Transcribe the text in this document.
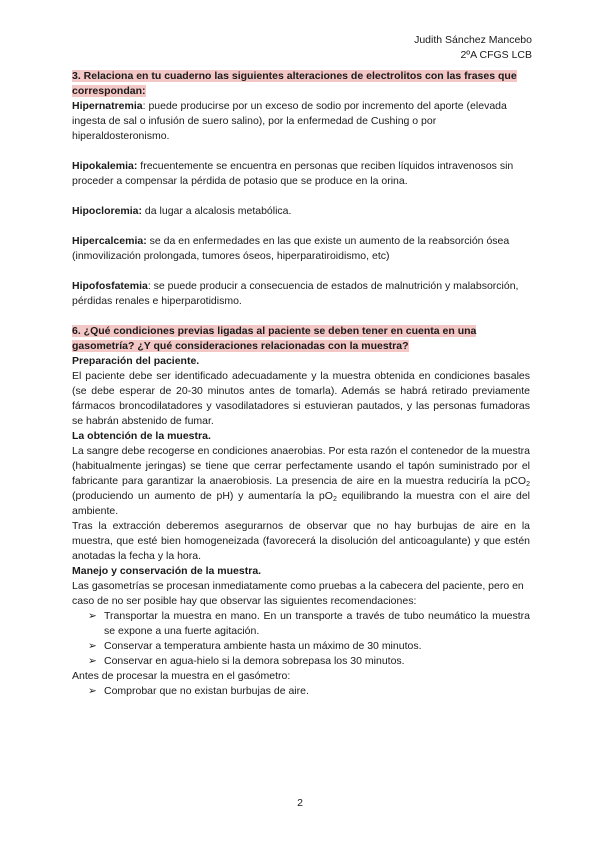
Judith Sánchez Mancebo
2ºA CFGS LCB
3. Relaciona en tu cuaderno las siguientes alteraciones de electrolitos con las frases que correspondan:

Hipernatremia: puede producirse por un exceso de sodio por incremento del aporte (elevada ingesta de sal o infusión de suero salino), por la enfermedad de Cushing o por hiperaldosteronismo.

Hipokalemia: frecuentemente se encuentra en personas que reciben líquidos intravenosos sin proceder a compensar la pérdida de potasio que se produce en la orina.

Hipocloremia: da lugar a alcalosis metabólica.

Hipercalcemia: se da en enfermedades en las que existe un aumento de la reabsorción ósea (inmovilización prolongada, tumores óseos, hiperparatiroidismo, etc)

Hipofosfatemia: se puede producir a consecuencia de estados de malnutrición y malabsorción, pérdidas renales e hiperparotidismo.

6. ¿Qué condiciones previas ligadas al paciente se deben tener en cuenta en una gasometría? ¿Y qué consideraciones relacionadas con la muestra?

Preparación del paciente.

El paciente debe ser identificado adecuadamente y la muestra obtenida en condiciones basales (se debe esperar de 20-30 minutos antes de tomarla). Además se habrá retirado previamente fármacos broncodilatadores y vasodilatadores si estuvieran pautados, y las personas fumadoras se habrán abstenido de fumar.

La obtención de la muestra.

La sangre debe recogerse en condiciones anaerobias. Por esta razón el contenedor de la muestra (habitualmente jeringas) se tiene que cerrar perfectamente usando el tapón suministrado por el fabricante para garantizar la anaerobiosis. La presencia de aire en la muestra reduciría la pCO$_2$ (produciendo un aumento de pH) y aumentaría la $pO_2$ equilibrando la muestra con el aire del ambiente.

Tras la extracción deberemos asegurarnos de observar que no hay burbujas de aire en la muestra, que esté bien homogeneizada (favorecerá la disolución del anticoagulante) y que estén anotadas la fecha y la hora.

Manejo y conservación de la muestra.

Las gasometrías se procesan inmediatamente como pruebas a la cabecera del paciente, pero en caso de no ser posible hay que observar las siguientes recomendaciones:

➢ Transportar la muestra en mano. En un transporte a través de tubo neumático la muestra se expone a una fuerte agitación.
➢ Conservar a temperatura ambiente hasta un máximo de 30 minutos.
➢ Conservar en agua-hielo si la demora sobrepasa los 30 minutos.

Antes de procesar la muestra en el gasómetro:

➢ Comprobar que no existan burbujas de aire.
2
